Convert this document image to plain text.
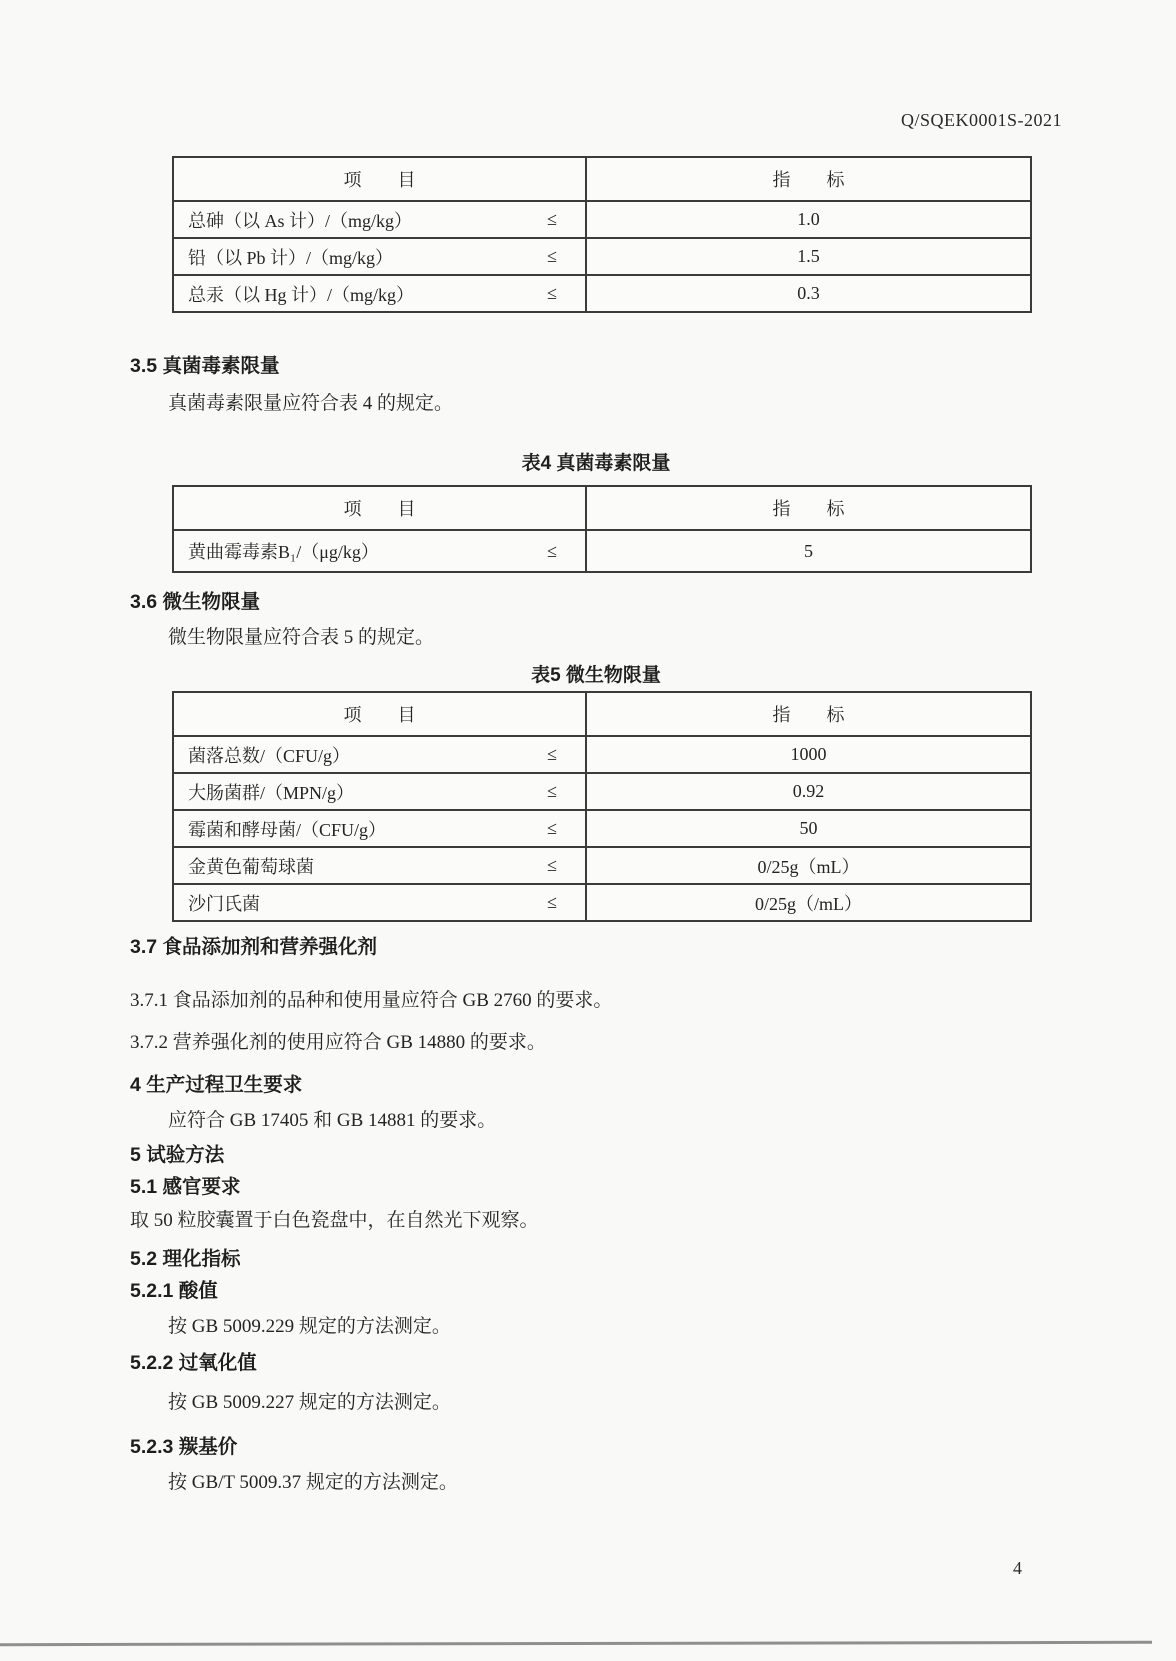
Q/SQEK0001S-2021
项　　目	指　　标
总砷（以 As 计）/（mg/kg）	≤	1.0
铅（以 Pb 计）/（mg/kg）	≤	1.5
总汞（以 Hg 计）/（mg/kg）	≤	0.3
3.5 真菌毒素限量
真菌毒素限量应符合表 4 的规定。
表4 真菌毒素限量
项　　目	指　　标
黄曲霉毒素B₁/（μg/kg）	≤	5
3.6 微生物限量
微生物限量应符合表 5 的规定。
表5 微生物限量
项　　目	指　　标
菌落总数/（CFU/g）	≤	1000
大肠菌群/（MPN/g）	≤	0.92
霉菌和酵母菌/（CFU/g）	≤	50
金黄色葡萄球菌	≤	0/25g（mL）
沙门氏菌	≤	0/25g（/mL）
3.7 食品添加剂和营养强化剂
3.7.1 食品添加剂的品种和使用量应符合 GB 2760 的要求。
3.7.2 营养强化剂的使用应符合 GB 14880 的要求。
4 生产过程卫生要求
应符合 GB 17405 和 GB 14881 的要求。
5 试验方法
5.1 感官要求
取 50 粒胶囊置于白色瓷盘中，在自然光下观察。
5.2 理化指标
5.2.1 酸值
按 GB 5009.229 规定的方法测定。
5.2.2 过氧化值
按 GB 5009.227 规定的方法测定。
5.2.3 羰基价
按 GB/T 5009.37 规定的方法测定。
4
